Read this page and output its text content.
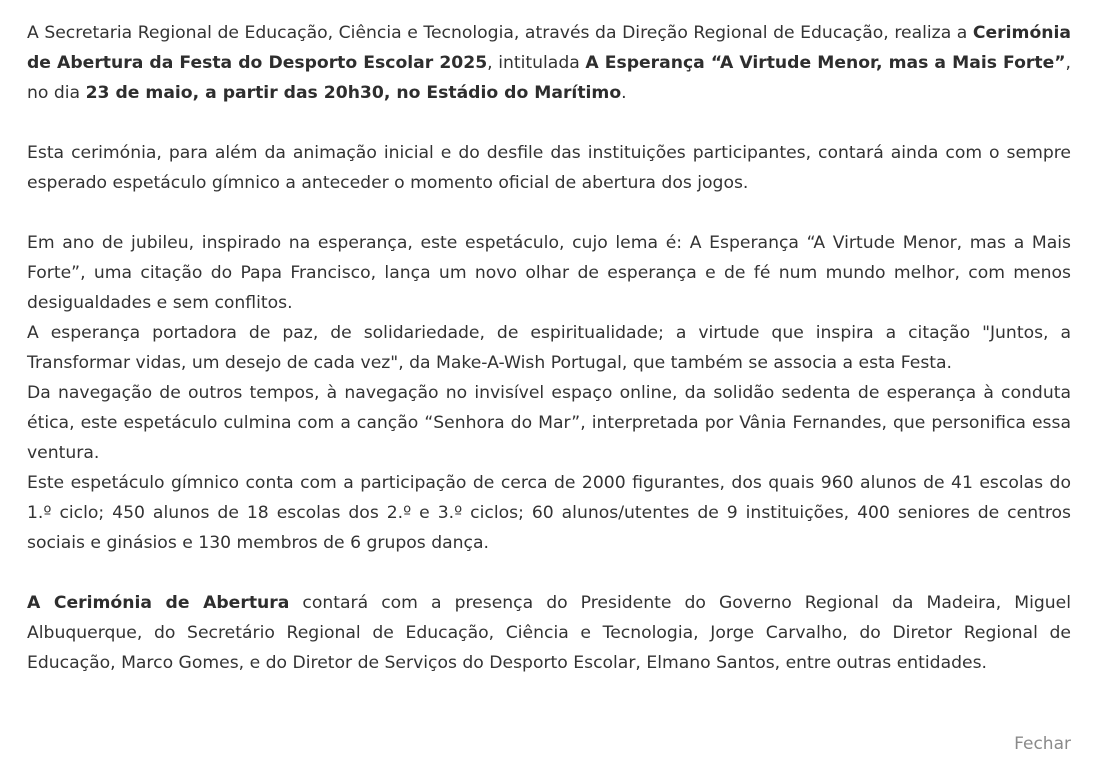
A Secretaria Regional de Educação, Ciência e Tecnologia, através da Direção Regional de Educação, realiza a Cerimónia de Abertura da Festa do Desporto Escolar 2025, intitulada A Esperança “A Virtude Menor, mas a Mais Forte”, no dia 23 de maio, a partir das 20h30, no Estádio do Marítimo.

Esta cerimónia, para além da animação inicial e do desfile das instituições participantes, contará ainda com o sempre esperado espetáculo gímnico a anteceder o momento oficial de abertura dos jogos.

Em ano de jubileu, inspirado na esperança, este espetáculo, cujo lema é: A Esperança “A Virtude Menor, mas a Mais Forte”, uma citação do Papa Francisco, lança um novo olhar de esperança e de fé num mundo melhor, com menos desigualdades e sem conflitos.

A esperança portadora de paz, de solidariedade, de espiritualidade; a virtude que inspira a citação "Juntos, a Transformar vidas, um desejo de cada vez", da Make-A-Wish Portugal, que também se associa a esta Festa.

Da navegação de outros tempos, à navegação no invisível espaço online, da solidão sedenta de esperança à conduta ética, este espetáculo culmina com a canção “Senhora do Mar”, interpretada por Vânia Fernandes, que personifica essa ventura.

Este espetáculo gímnico conta com a participação de cerca de 2000 figurantes, dos quais 960 alunos de 41 escolas do 1.º ciclo; 450 alunos de 18 escolas dos 2.º e 3.º ciclos; 60 alunos/utentes de 9 instituições, 400 seniores de centros sociais e ginásios e 130 membros de 6 grupos dança.

A Cerimónia de Abertura contará com a presença do Presidente do Governo Regional da Madeira, Miguel Albuquerque, do Secretário Regional de Educação, Ciência e Tecnologia, Jorge Carvalho, do Diretor Regional de Educação, Marco Gomes, e do Diretor de Serviços do Desporto Escolar, Elmano Santos, entre outras entidades.

Fechar
